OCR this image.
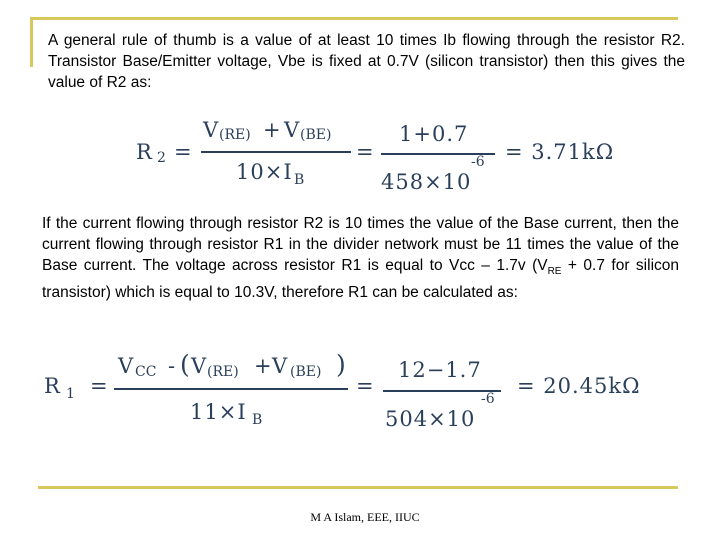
A general rule of thumb is a value of at least 10 times Ib flowing through the resistor R2. Transistor Base/Emitter voltage, Vbe is fixed at 0.7V (silicon transistor) then this gives the value of R2 as:
R 2 =
V (RE) + V (BE)
10×I B
=
1+0.7
458×10
-6 = 3.71kΩ
If the current flowing through resistor R2 is 10 times the value of the Base current, then the current flowing through resistor R1 in the divider network must be 11 times the value of the Base current. The voltage across resistor R1 is equal to Vcc – 1.7v ($V_{RE} + 0.7$ for silicon transistor) which is equal to 10.3V, therefore R1 can be calculated as:
R 1 =
V CC - ( V (RE) + V (BE) )
11×I B
=
12−1.7
504×10
-6
= 20.45kΩ
M A Islam, EEE, IIUC
